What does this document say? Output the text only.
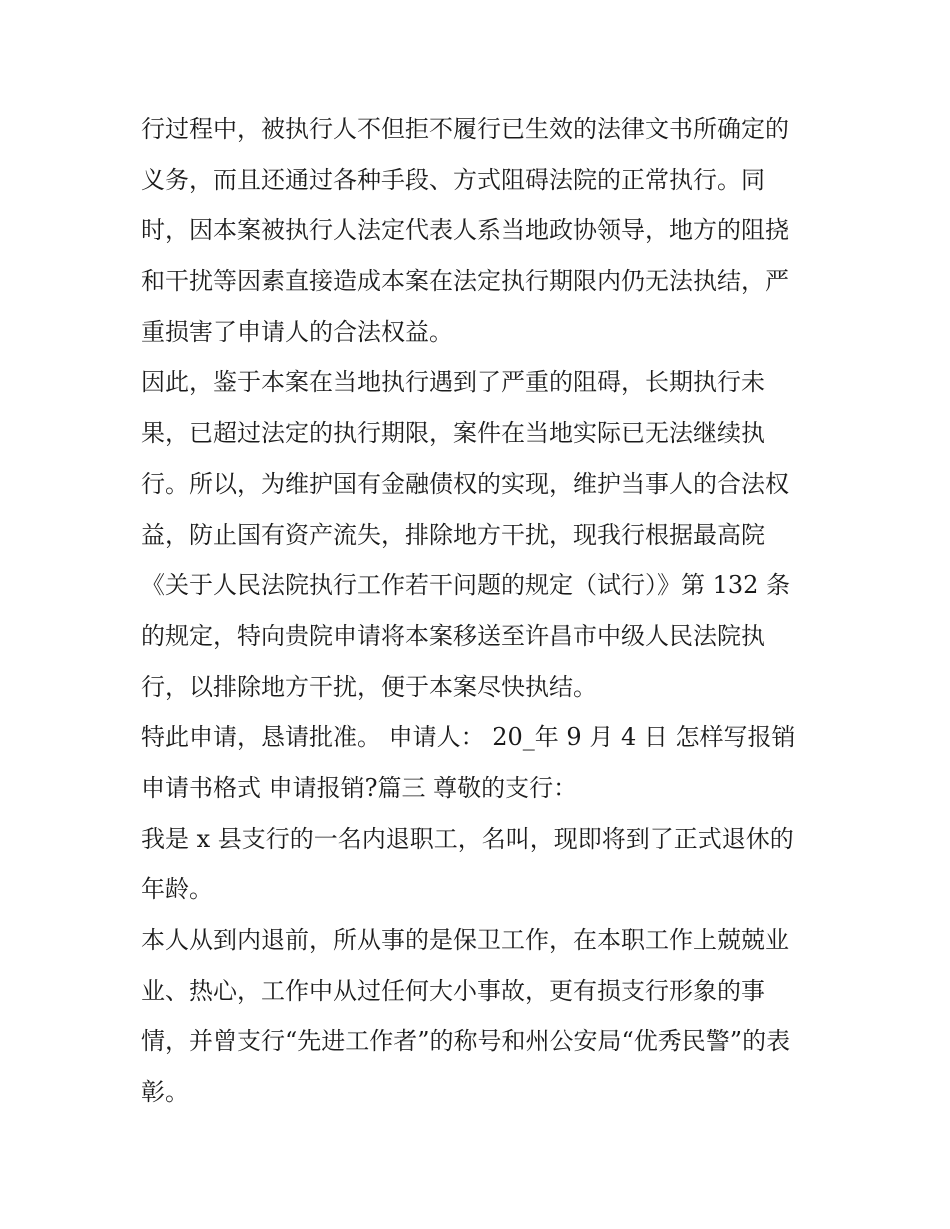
行过程中，被执行人不但拒不履行已生效的法律文书所确定的
义务，而且还通过各种手段、方式阻碍法院的正常执行。同
时，因本案被执行人法定代表人系当地政协领导，地方的阻挠
和干扰等因素直接造成本案在法定执行期限内仍无法执结，严
重损害了申请人的合法权益。
因此，鉴于本案在当地执行遇到了严重的阻碍，长期执行未
果，已超过法定的执行期限，案件在当地实际已无法继续执
行。所以，为维护国有金融债权的实现，维护当事人的合法权
益，防止国有资产流失，排除地方干扰，现我行根据最高院
《关于人民法院执行工作若干问题的规定（试行）》第 132 条
的规定，特向贵院申请将本案移送至许昌市中级人民法院执
行，以排除地方干扰，便于本案尽快执结。
特此申请，恳请批准。 申请人： 20_年 9 月 4 日 怎样写报销
申请书格式 申请报销?篇三 尊敬的支行：
我是 x 县支行的一名内退职工，名叫，现即将到了正式退休的
年龄。
本人从到内退前，所从事的是保卫工作，在本职工作上兢兢业
业、热心，工作中从过任何大小事故，更有损支行形象的事
情，并曾支行“先进工作者”的称号和州公安局“优秀民警”的表
彰。
